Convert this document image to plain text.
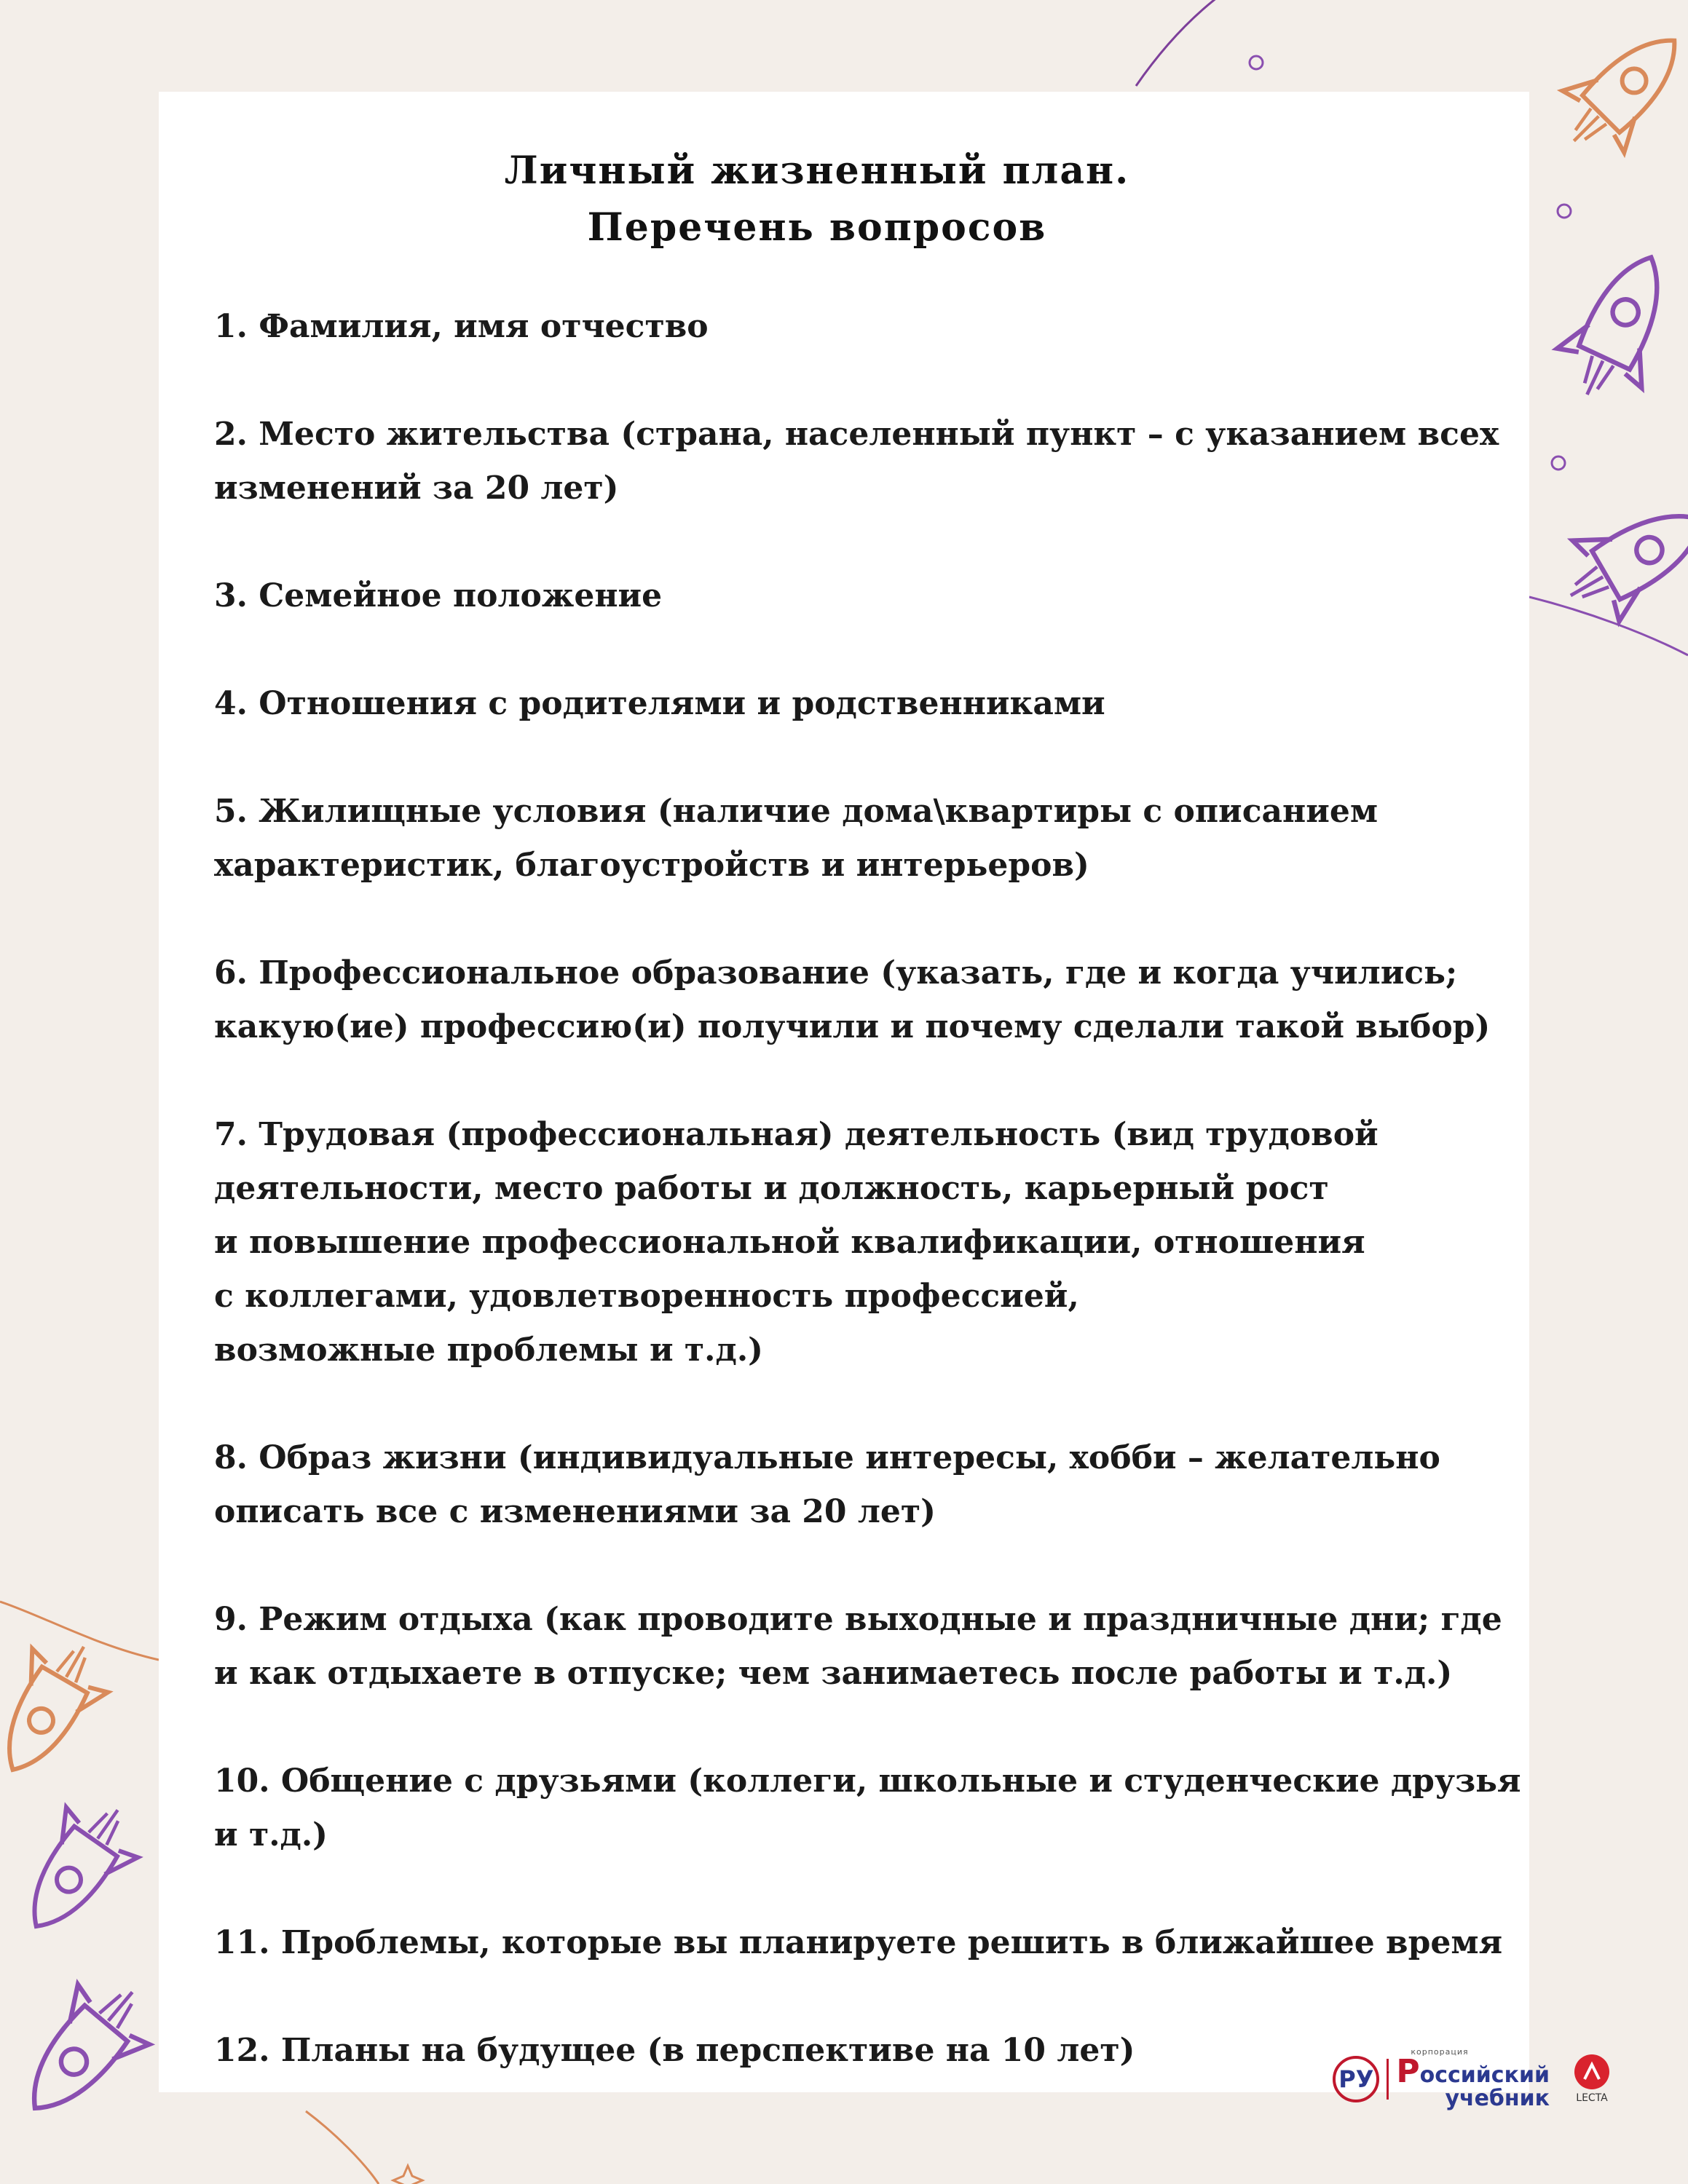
Личный жизненный план.
Перечень вопросов
1. Фамилия, имя отчество
2. Место жительства (страна, населенный пункт – с указанием всех
изменений за 20 лет)
3. Семейное положение
4. Отношения с родителями и родственниками
5. Жилищные условия (наличие дома\квартиры с описанием
характеристик, благоустройств и интерьеров)
6. Профессиональное образование (указать, где и когда учились;
какую(ие) профессию(и) получили и почему сделали такой выбор)
7. Трудовая (профессиональная) деятельность (вид трудовой
деятельности, место работы и должность, карьерный рост
и повышение профессиональной квалификации, отношения
с коллегами, удовлетворенность профессией,
возможные проблемы и т.д.)
8. Образ жизни (индивидуальные интересы, хобби – желательно
описать все с изменениями за 20 лет)
9. Режим отдыха (как проводите выходные и праздничные дни; где
и как отдыхаете в отпуске; чем занимаетесь после работы и т.д.)
10. Общение с друзьями (коллеги, школьные и студенческие друзья
и т.д.)
11. Проблемы, которые вы планируете решить в ближайшее время
12. Планы на будущее (в перспективе на 10 лет)
РУ
корпорация
Российский
учебник	LECTA
